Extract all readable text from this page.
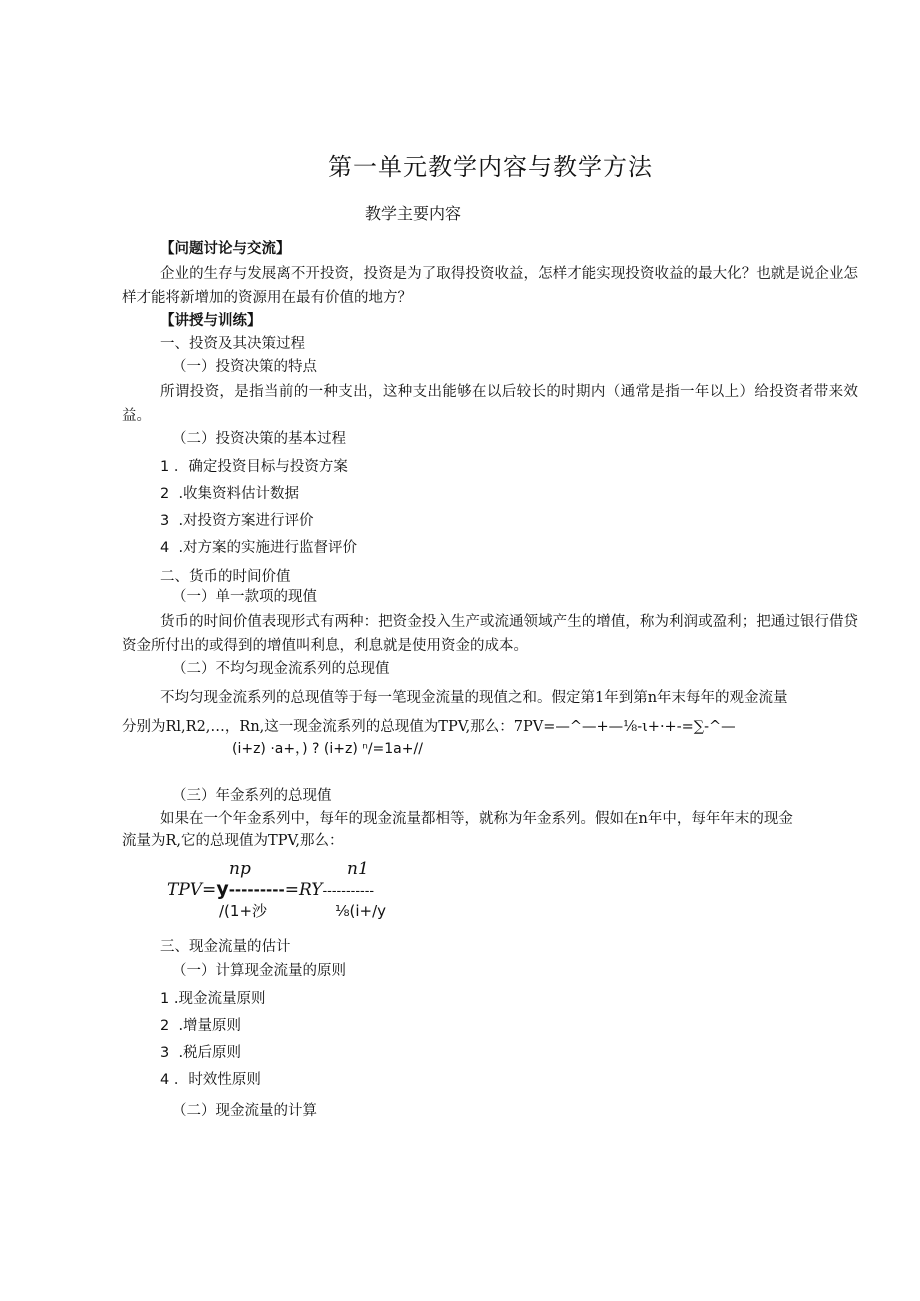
第一单元教学内容与教学方法
教学主要内容
【问题讨论与交流】
企业的生存与发展离不开投资，投资是为了取得投资收益，怎样才能实现投资收益的最大化？也就是说企业怎样才能将新增加的资源用在最有价值的地方？
【讲授与训练】
一、投资及其决策过程
（一）投资决策的特点
所谓投资，是指当前的一种支出，这种支出能够在以后较长的时期内（通常是指一年以上）给投资者带来效益。
（二）投资决策的基本过程
1 ．确定投资目标与投资方案
2 .收集资料估计数据
3 .对投资方案进行评价
4 .对方案的实施进行监督评价
二、货币的时间价值
（一）单一款项的现值
货币的时间价值表现形式有两种：把资金投入生产或流通领域产生的增值，称为利润或盈利；把通过银行借贷资金所付出的或得到的增值叫利息，利息就是使用资金的成本。
（二）不均匀现金流系列的总现值
不均匀现金流系列的总现值等于每一笔现金流量的现值之和。假定第1年到第n年末每年的观金流量
分别为Rl,R2,…，Rn,这一现金流系列的总现值为TPV,那么：7PV=—^—+—⅛-ι+·+-=∑-^—
(i+z) ·a+，) ? (i+z) ⁿ/=1a+//
（三）年金系列的总现值
如果在一个年金系列中，每年的现金流量都相等，就称为年金系列。假如在n年中，每年年末的现金
流量为R,它的总现值为TPV,那么：
np	n1
TPV=y---------=RY-----------
/(1+沙	⅛(i+/y
三、现金流量的估计
（一）计算现金流量的原则
1 .现金流量原则
2 .增量原则
3 .税后原则
4 ．时效性原则
（二）现金流量的计算
